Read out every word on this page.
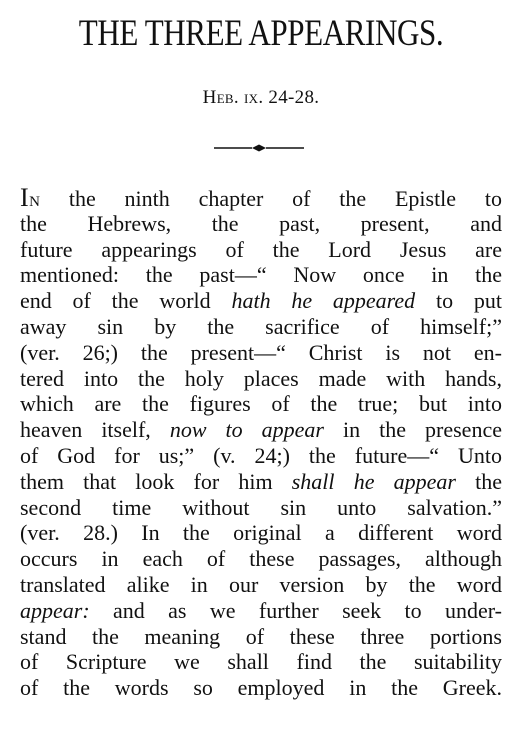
THE THREE APPEARINGS.
Heb. ix. 24-28.
In the ninth chapter of the Epistle to
the Hebrews, the past, present, and
future appearings of the Lord Jesus are
mentioned: the past—“ Now once in the
end of the world hath he appeared to put
away sin by the sacrifice of himself;”
(ver. 26;) the present—“ Christ is not en-
tered into the holy places made with hands,
which are the figures of the true; but into
heaven itself, now to appear in the presence
of God for us;” (v. 24;) the future—“ Unto
them that look for him shall he appear the
second time without sin unto salvation.”
(ver. 28.) In the original a different word
occurs in each of these passages, although
translated alike in our version by the word
appear: and as we further seek to under-
stand the meaning of these three portions
of Scripture we shall find the suitability
of the words so employed in the Greek.
